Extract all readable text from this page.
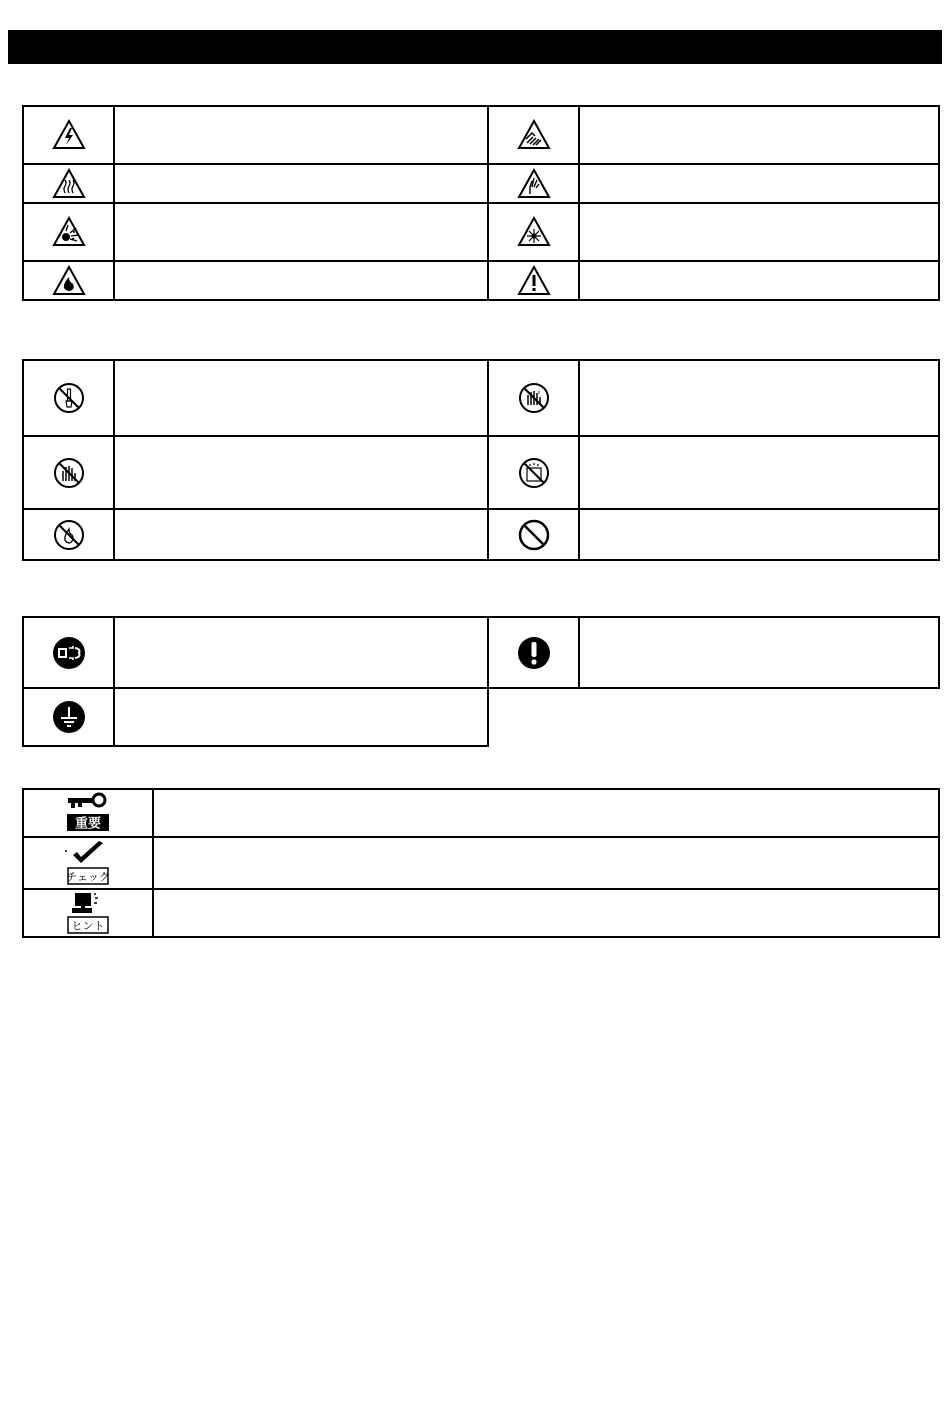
重要	

チェック	

ヒント	
